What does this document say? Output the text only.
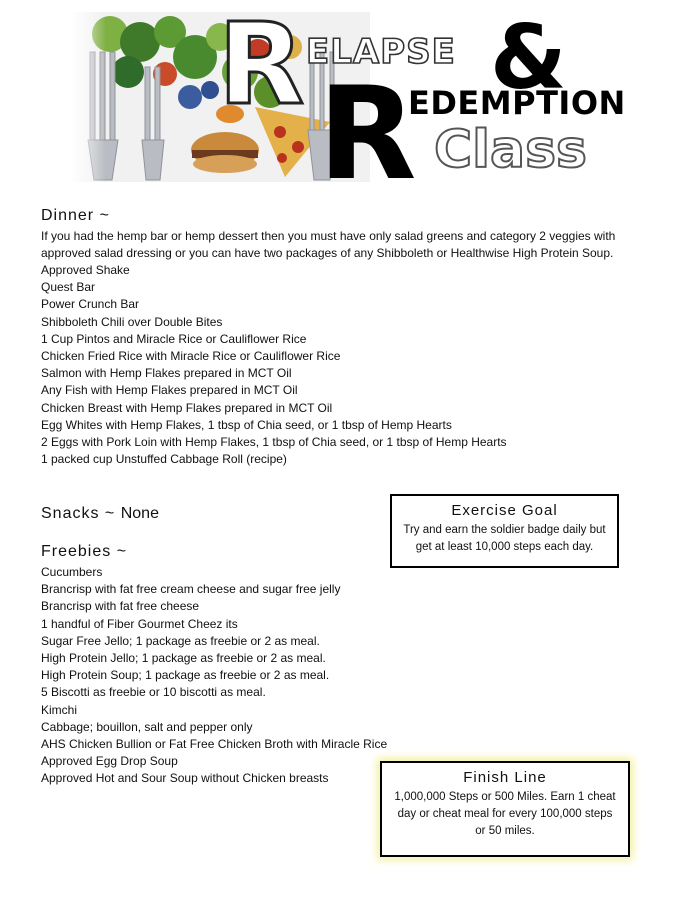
R ELAPSE &
R
EDEMPTION
Class
Dinner ~

If you had the hemp bar or hemp dessert then you must have only salad greens and category 2 veggies with approved salad dressing or you can have two packages of any Shibboleth or Healthwise High Protein Soup.

Approved Shake
Quest Bar
Power Crunch Bar
Shibboleth Chili over Double Bites
1 Cup Pintos and Miracle Rice or Cauliflower Rice
Chicken Fried Rice with Miracle Rice or Cauliflower Rice
Salmon with Hemp Flakes prepared in MCT Oil
Any Fish with Hemp Flakes prepared in MCT Oil
Chicken Breast with Hemp Flakes prepared in MCT Oil
Egg Whites with Hemp Flakes, 1 tbsp of Chia seed, or 1 tbsp of Hemp Hearts
2 Eggs with Pork Loin with Hemp Flakes, 1 tbsp of Chia seed, or 1 tbsp of Hemp Hearts
1 packed cup Unstuffed Cabbage Roll (recipe)
Snacks ~ None
Freebies ~
Cucumbers
Brancrisp with fat free cream cheese and sugar free jelly
Brancrisp with fat free cheese
1 handful of Fiber Gourmet Cheez its
Sugar Free Jello; 1 package as freebie or 2 as meal.
High Protein Jello; 1 package as freebie or 2 as meal.
High Protein Soup; 1 package as freebie or 2 as meal.
5 Biscotti as freebie or 10 biscotti as meal.
Kimchi
Cabbage; bouillon, salt and pepper only
AHS Chicken Bullion or Fat Free Chicken Broth with Miracle Rice
Approved Egg Drop Soup
Approved Hot and Sour Soup without Chicken breasts
Exercise Goal
Try and earn the soldier badge daily but get at least 10,000 steps each day.
Finish Line
1,000,000 Steps or 500 Miles. Earn 1 cheat day or cheat meal for every 100,000 steps or 50 miles.
